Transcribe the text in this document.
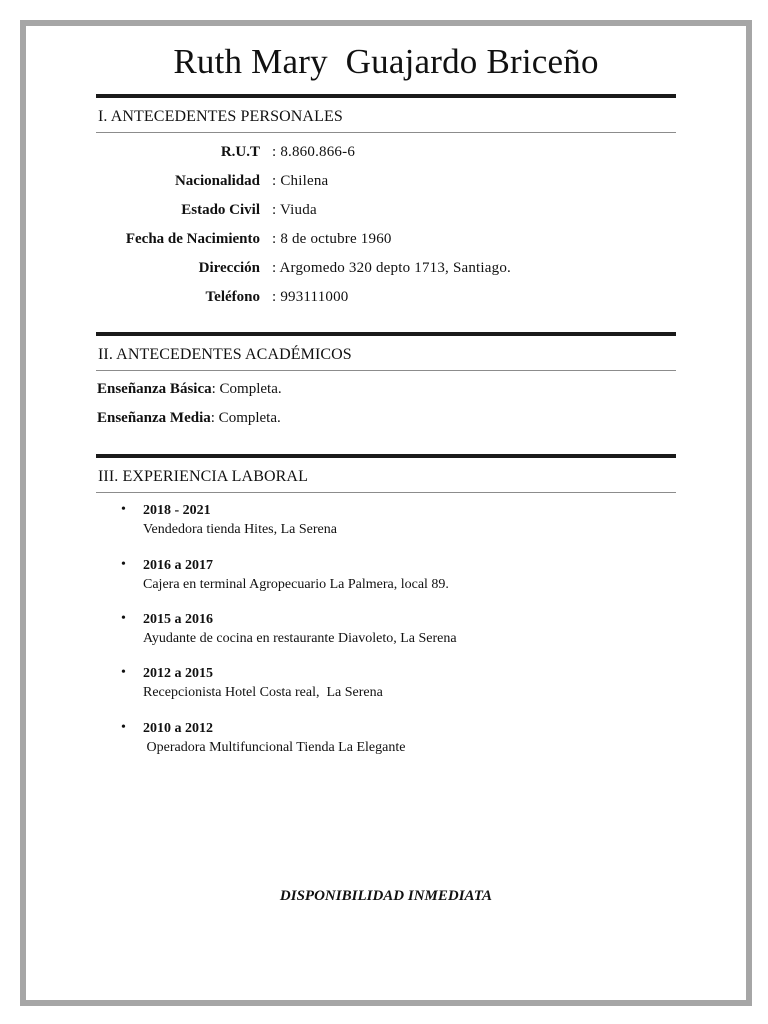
Ruth Mary  Guajardo Briceño
I. ANTECEDENTES PERSONALES
R.U.T : 8.860.866-6
Nacionalidad : Chilena
Estado Civil : Viuda
Fecha de Nacimiento : 8 de octubre 1960
Dirección : Argomedo 320 depto 1713, Santiago.
Teléfono : 993111000
II. ANTECEDENTES ACADÉMICOS
Enseñanza Básica: Completa.
Enseñanza Media: Completa.
III. EXPERIENCIA LABORAL
• 2018 - 2021
Vendedora tienda Hites, La Serena
• 2016 a 2017
Cajera en terminal Agropecuario La Palmera, local 89.
• 2015 a 2016
Ayudante de cocina en restaurante Diavoleto, La Serena
• 2012 a 2015
Recepcionista Hotel Costa real,  La Serena
• 2010 a 2012
Operadora Multifuncional Tienda La Elegante
DISPONIBILIDAD INMEDIATA
